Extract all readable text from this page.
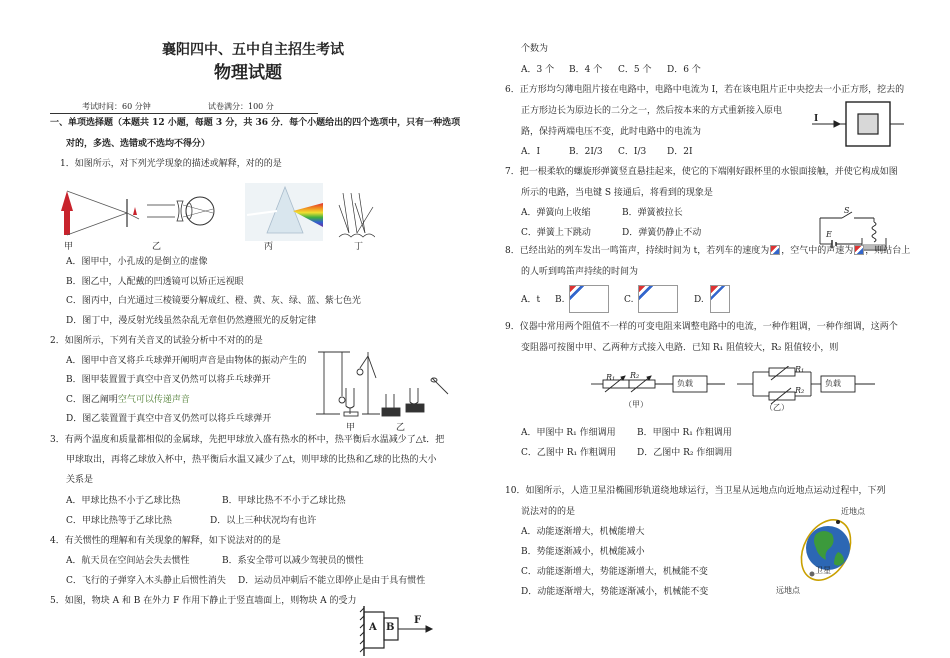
襄阳四中、五中自主招生考试
物理试题
考试时间：60 分钟	试卷满分：100 分
一、单项选择题（本题共 12 小题，每题 3 分，共 36 分．每个小题给出的四个选项中，只有一种选项
对的，多选、选错或不选均不得分）
1．如图所示，对下列光学现象的描述或解释，对的的是
甲	乙	丙	丁
A．图甲中，小孔成的是倒立的虚像
B．图乙中，人配戴的凹透镜可以矫正远视眼
C．图丙中，白光通过三棱镜要分解成红、橙、黄、灰、绿、蓝、紫七色光
D．图丁中，漫反射光线虽然杂乱无章但仍然遵照光的反射定律
2．如图所示，下列有关音叉的试验分析中不对的的是
A．图甲中音叉将乒乓球弹开阐明声音是由物体的振动产生的
B．图甲装置置于真空中音叉仍然可以将乒乓球弹开
C．图乙阐明空气可以传递声音
D．图乙装置置于真空中音叉仍然可以将乒乓球弹开
甲	乙
3．有两个温度和质量都相似的金属球，先把甲球放入盛有热水的杯中，热平衡后水温减少了△t．把
甲球取出，再将乙球放入杯中，热平衡后水温又减少了△t，则甲球的比热和乙球的比热的大小
关系是
A．甲球比热不小于乙球比热	B．甲球比热不不小于乙球比热
C．甲球比热等于乙球比热	D．以上三种状况均有也许
4．有关惯性的理解和有关现象的解释，如下说法对的的是
A．航天员在空间站会失去惯性	B．系安全带可以减少驾驶员的惯性
C．飞行的子弹穿入木头静止后惯性消失 D．运动员冲刺后不能立即停止是由于具有惯性
5．如图，物块 A 和 B 在外力 F 作用下静止于竖直墙面上，则物块 A 的受力
A B
F
个数为
A．3 个 B．4 个 C．5 个 D．6 个
6．正方形均匀薄电阻片接在电路中，电路中电流为 I，若在该电阻片正中央挖去一小正方形，挖去的
正方形边长为原边长的二分之一，然后按本来的方式重新接入原电
路，保持两端电压不变，此时电路中的电流为
A．I	B．2I/3 C．I/3 D．2I
I
7．把一根柔软的螺旋形弹簧竖直悬挂起来，使它的下端刚好跟杯里的水银面接触，并使它构成如图
所示的电路，当电键 S 接通后，将看到的现象是
A．弹簧向上收缩	B．弹簧被拉长
C．弹簧上下跳动	D．弹簧仍静止不动
S
E
8．已经出站的列车发出一鸣笛声，持续时间为 t，若列车的速度为 ，空气中的声速为 ，则站台上
的人听到鸣笛声持续的时间为
A．t B.	C.	D.
9．仪器中常用两个阻值不一样的可变电阻来调整电路中的电流，一种作粗调，一种作细调，这两个
变阻器可按图中甲、乙两种方式接入电路．已知 R₁ 阻值较大，R₂ 阻值较小，则
R₁ R₂
负载
R₁
R₂
负载
（甲）	（乙）
A．甲图中 R₁ 作细调用 B．甲图中 R₁ 作粗调用
C．乙图中 R₁ 作粗调用 D．乙图中 R₂ 作细调用
10．如图所示，人造卫星沿椭圆形轨道绕地球运行，当卫星从远地点向近地点运动过程中，下列
说法对的的是
A．动能逐渐增大，机械能增大
B．势能逐渐减小，机械能减小
C．动能逐渐增大，势能逐渐增大，机械能不变
D．动能逐渐增大，势能逐渐减小，机械能不变
近地点
卫星
远地点
